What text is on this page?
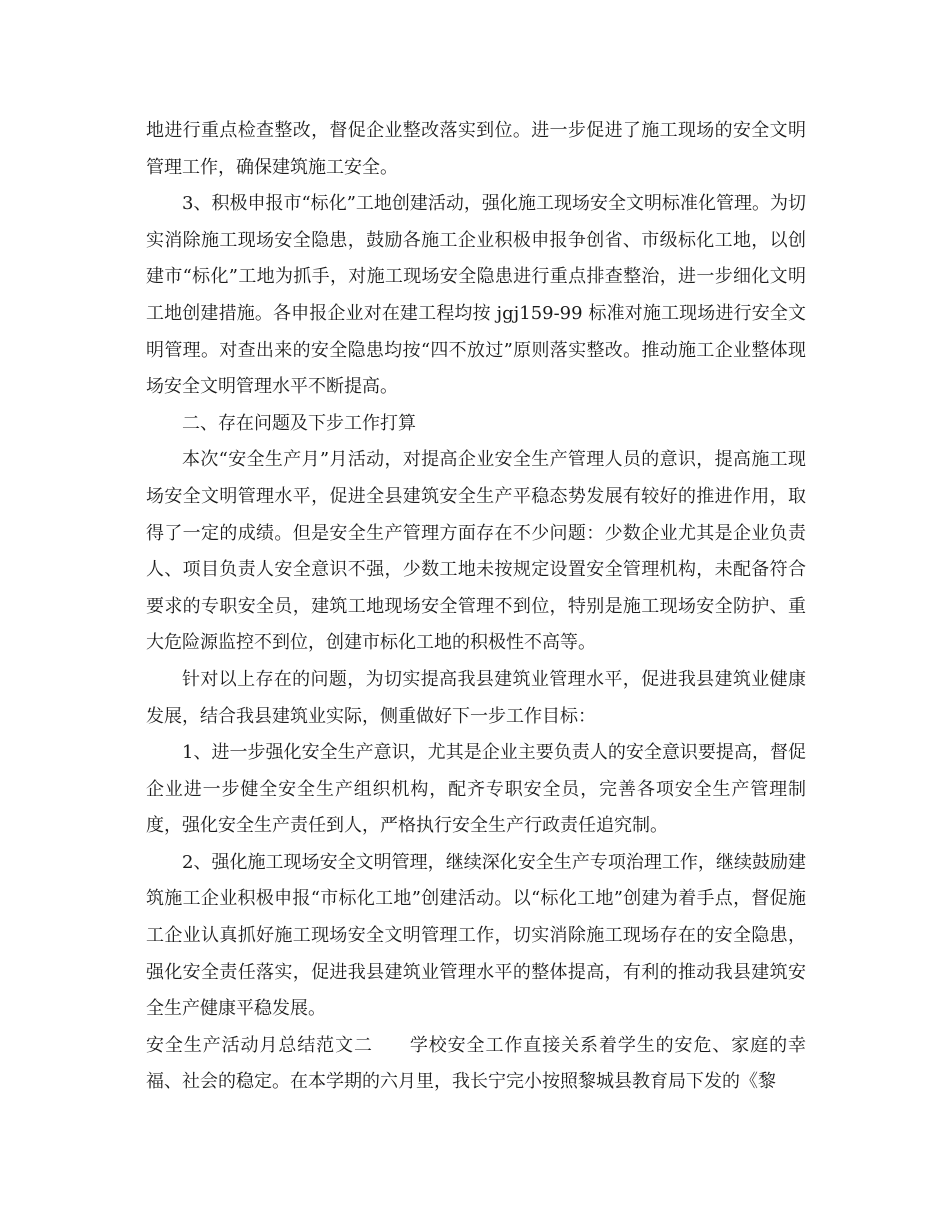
地进行重点检查整改，督促企业整改落实到位。进一步促进了施工现场的安全文明管理工作，确保建筑施工安全。

3、积极申报市“标化”工地创建活动，强化施工现场安全文明标准化管理。为切实消除施工现场安全隐患，鼓励各施工企业积极申报争创省、市级标化工地，以创建市“标化”工地为抓手，对施工现场安全隐患进行重点排查整治，进一步细化文明工地创建措施。各申报企业对在建工程均按 jgj159-99 标准对施工现场进行安全文明管理。对查出来的安全隐患均按“四不放过”原则落实整改。推动施工企业整体现场安全文明管理水平不断提高。

二、存在问题及下步工作打算

本次“安全生产月”月活动，对提高企业安全生产管理人员的意识，提高施工现场安全文明管理水平，促进全县建筑安全生产平稳态势发展有较好的推进作用，取得了一定的成绩。但是安全生产管理方面存在不少问题：少数企业尤其是企业负责人、项目负责人安全意识不强，少数工地未按规定设置安全管理机构，未配备符合要求的专职安全员，建筑工地现场安全管理不到位，特别是施工现场安全防护、重大危险源监控不到位，创建市标化工地的积极性不高等。

针对以上存在的问题，为切实提高我县建筑业管理水平，促进我县建筑业健康发展，结合我县建筑业实际，侧重做好下一步工作目标：

1、进一步强化安全生产意识，尤其是企业主要负责人的安全意识要提高，督促企业进一步健全安全生产组织机构，配齐专职安全员，完善各项安全生产管理制度，强化安全生产责任到人，严格执行安全生产行政责任追究制。

2、强化施工现场安全文明管理，继续深化安全生产专项治理工作，继续鼓励建筑施工企业积极申报“市标化工地”创建活动。以“标化工地”创建为着手点，督促施工企业认真抓好施工现场安全文明管理工作，切实消除施工现场存在的安全隐患，强化安全责任落实，促进我县建筑业管理水平的整体提高，有利的推动我县建筑安全生产健康平稳发展。

安全生产活动月总结范文二 学校安全工作直接关系着学生的安危、家庭的幸福、社会的稳定。在本学期的六月里，我长宁完小按照黎城县教育局下发的《黎
